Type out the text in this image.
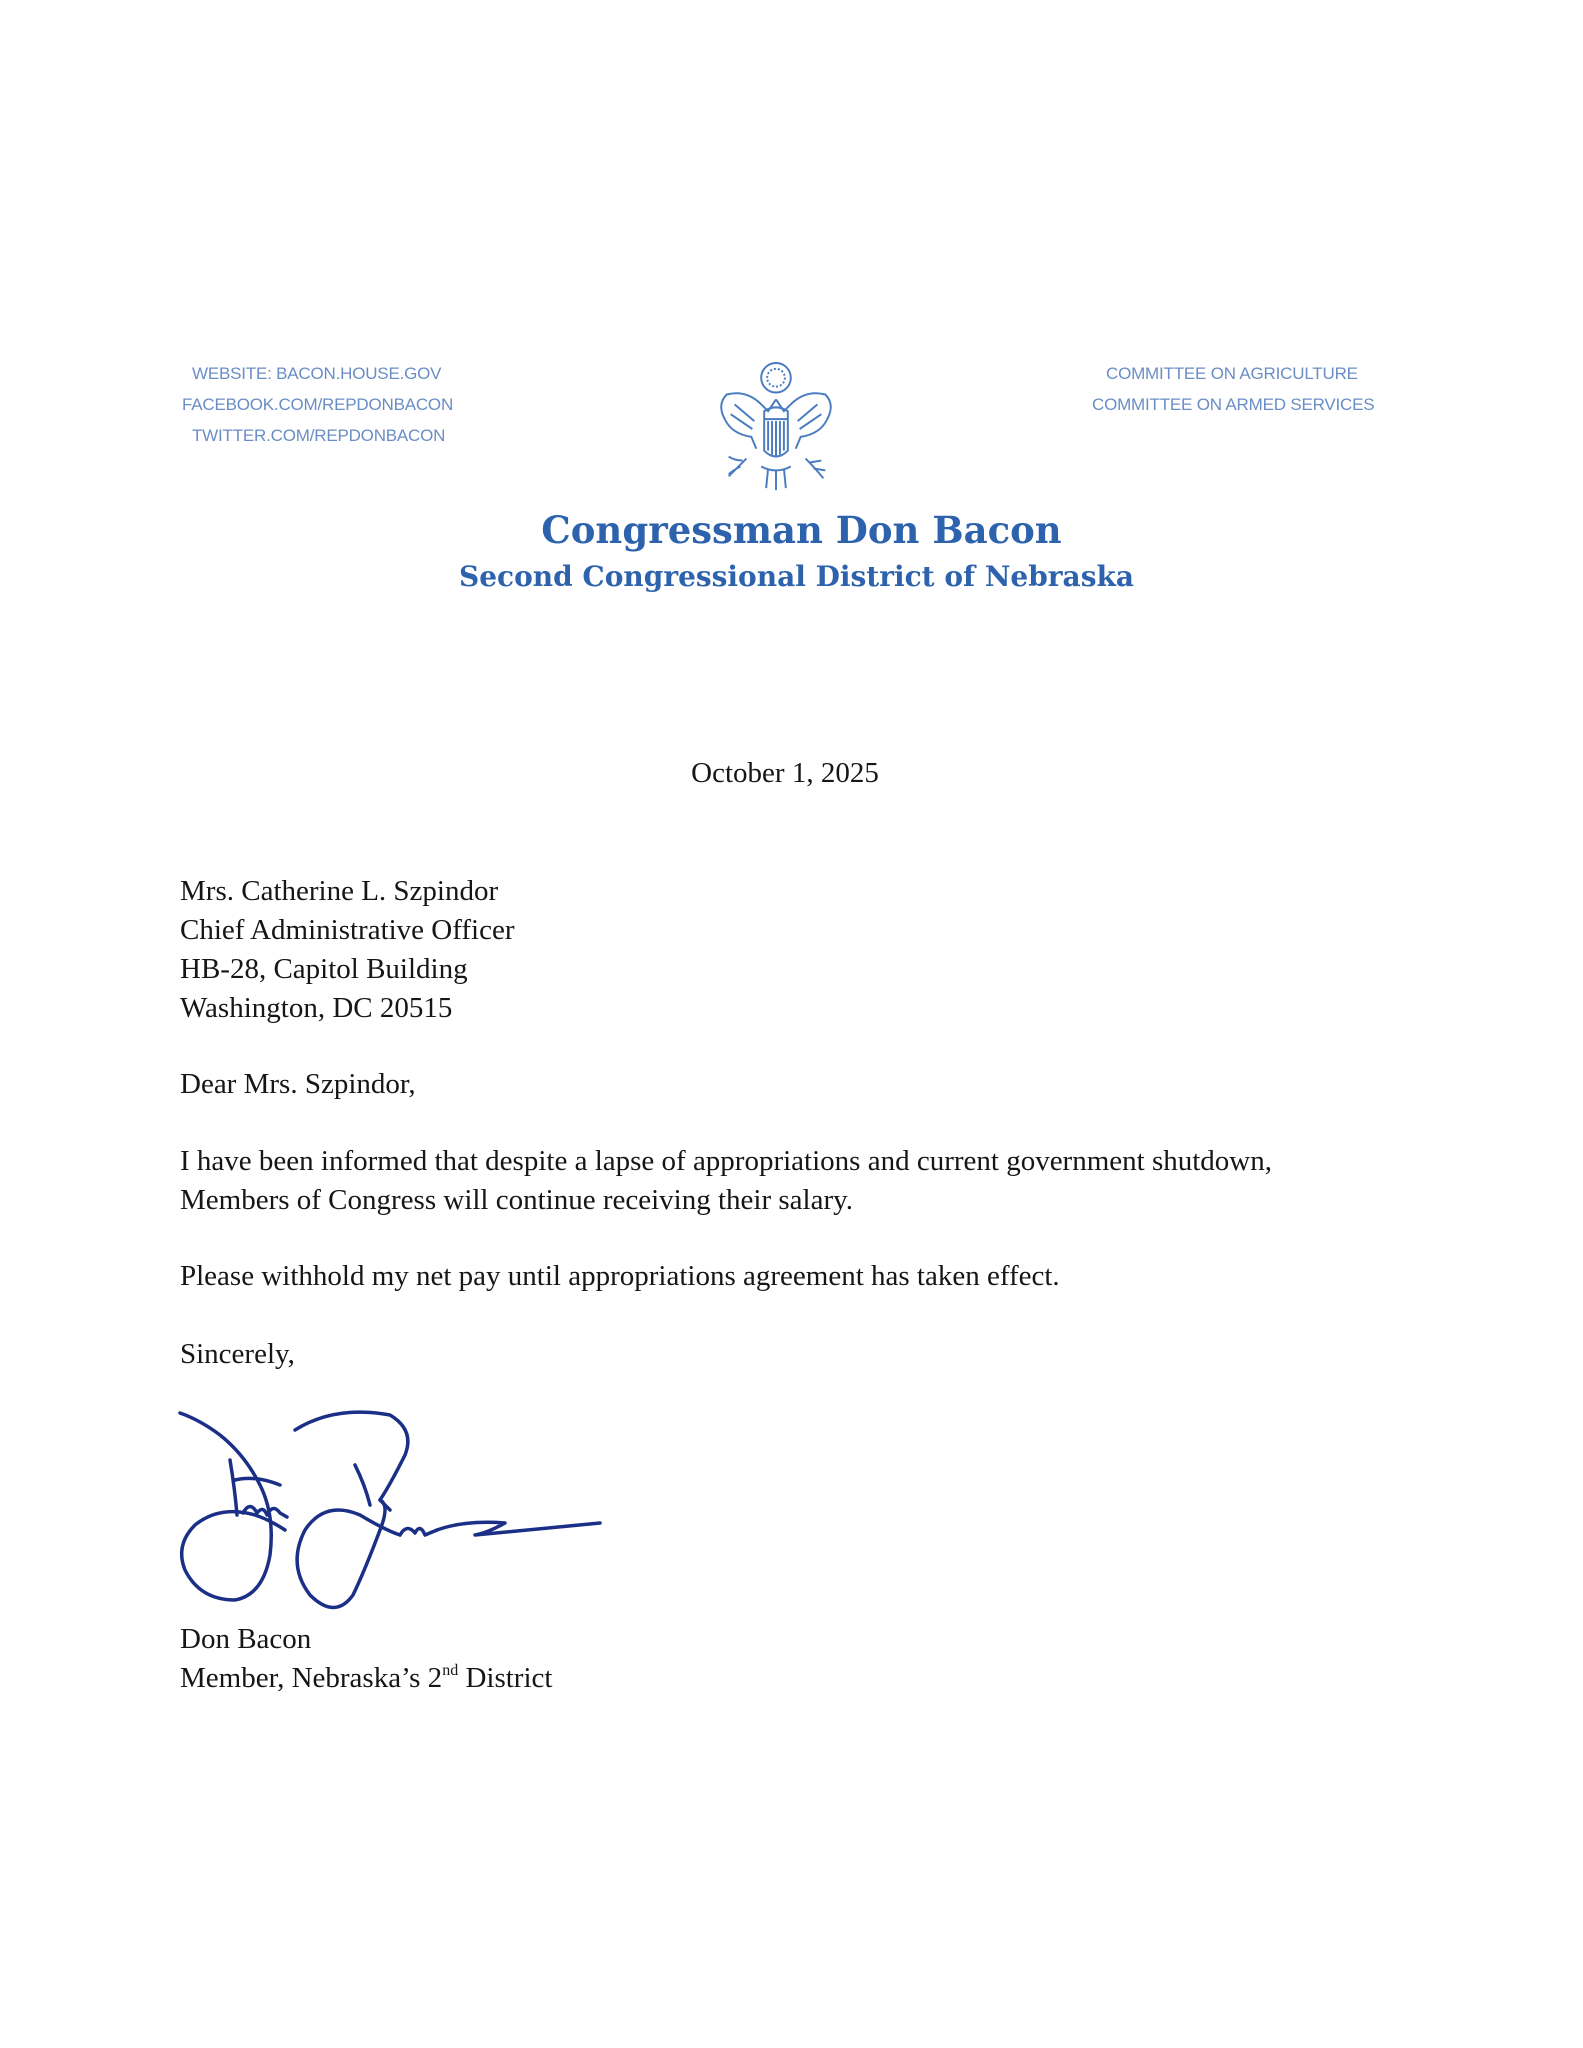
WEBSITE: BACON.HOUSE.GOV
FACEBOOK.COM/REPDONBACON
TWITTER.COM/REPDONBACON
COMMITTEE ON AGRICULTURE
COMMITTEE ON ARMED SERVICES
Congressman Don Bacon
Second Congressional District of Nebraska
October 1, 2025
Mrs. Catherine L. Szpindor
Chief Administrative Officer
HB-28, Capitol Building
Washington, DC 20515
Dear Mrs. Szpindor,
I have been informed that despite a lapse of appropriations and current government shutdown,
Members of Congress will continue receiving their salary.
Please withhold my net pay until appropriations agreement has taken effect.
Sincerely,
Don Bacon
Member, Nebraska’s 2nd District
